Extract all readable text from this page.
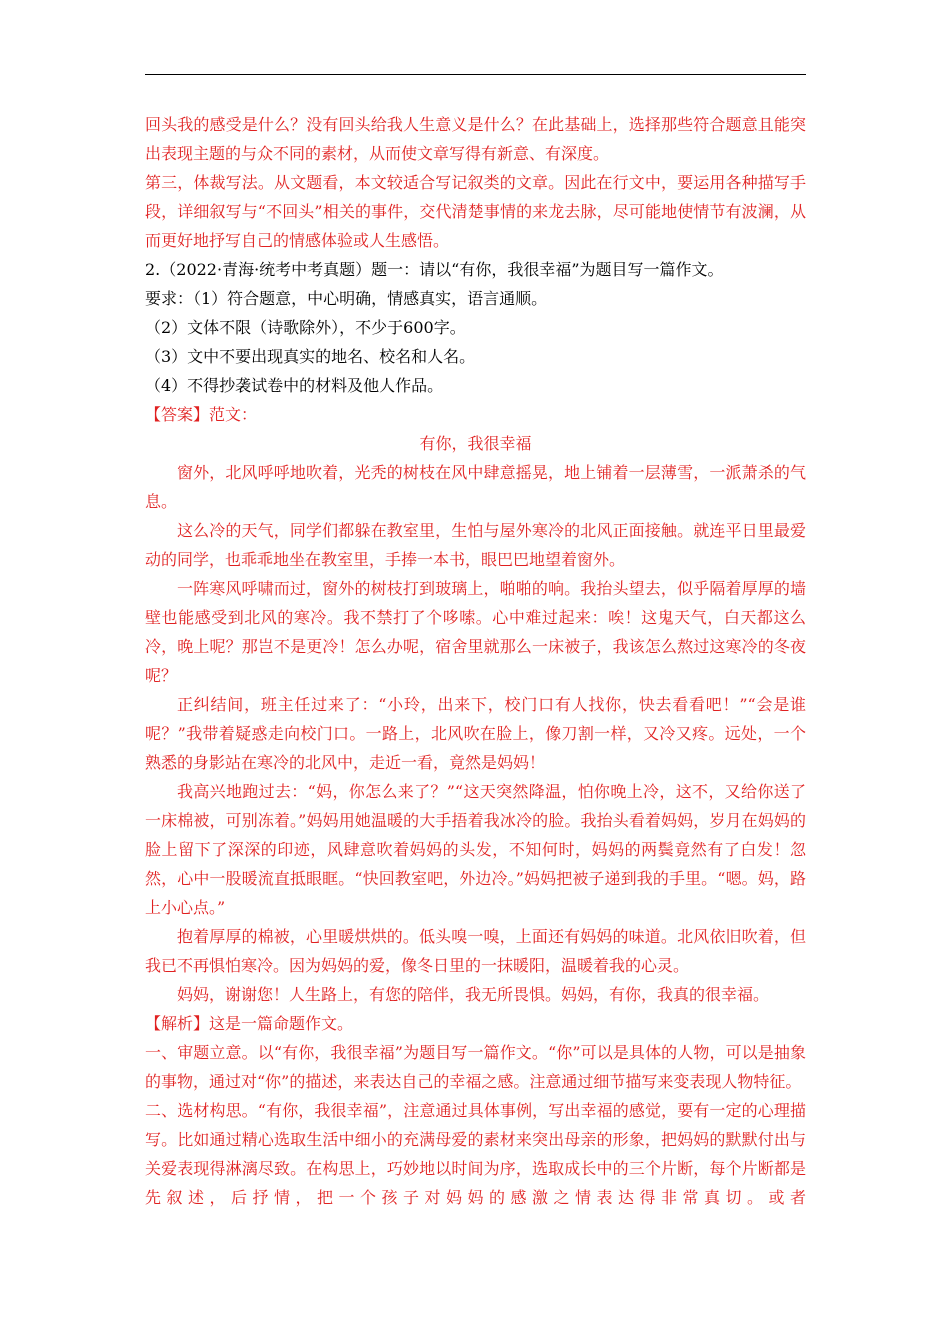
回头我的感受是什么？没有回头给我人生意义是什么？在此基础上，选择那些符合题意且能突出表现主题的与众不同的素材，从而使文章写得有新意、有深度。

第三，体裁写法。从文题看，本文较适合写记叙类的文章。因此在行文中，要运用各种描写手段，详细叙写与“不回头”相关的事件，交代清楚事情的来龙去脉，尽可能地使情节有波澜，从而更好地抒写自己的情感体验或人生感悟。

2.（2022·青海·统考中考真题）题一：请以“有你，我很幸福”为题目写一篇作文。

要求：（1）符合题意，中心明确，情感真实，语言通顺。

（2）文体不限（诗歌除外），不少于600字。

（3）文中不要出现真实的地名、校名和人名。

（4）不得抄袭试卷中的材料及他人作品。

【答案】范文：

有你，我很幸福

窗外，北风呼呼地吹着，光秃的树枝在风中肆意摇晃，地上铺着一层薄雪，一派萧杀的气息。

这么冷的天气，同学们都躲在教室里，生怕与屋外寒冷的北风正面接触。就连平日里最爱动的同学，也乖乖地坐在教室里，手捧一本书，眼巴巴地望着窗外。

一阵寒风呼啸而过，窗外的树枝打到玻璃上，啪啪的响。我抬头望去，似乎隔着厚厚的墙壁也能感受到北风的寒冷。我不禁打了个哆嗦。心中难过起来：唉！这鬼天气，白天都这么冷，晚上呢？那岂不是更冷！怎么办呢，宿舍里就那么一床被子，我该怎么熬过这寒冷的冬夜呢？

正纠结间，班主任过来了：“小玲，出来下，校门口有人找你，快去看看吧！”“会是谁呢？”我带着疑惑走向校门口。一路上，北风吹在脸上，像刀割一样，又冷又疼。远处，一个熟悉的身影站在寒冷的北风中，走近一看，竟然是妈妈！

我高兴地跑过去：“妈，你怎么来了？”“这天突然降温，怕你晚上冷，这不，又给你送了一床棉被，可别冻着。”妈妈用她温暖的大手捂着我冰冷的脸。我抬头看着妈妈，岁月在妈妈的脸上留下了深深的印迹，风肆意吹着妈妈的头发，不知何时，妈妈的两鬓竟然有了白发！忽然，心中一股暖流直抵眼眶。“快回教室吧，外边冷。”妈妈把被子递到我的手里。“嗯。妈，路上小心点。”

抱着厚厚的棉被，心里暖烘烘的。低头嗅一嗅，上面还有妈妈的味道。北风依旧吹着，但我已不再惧怕寒冷。因为妈妈的爱，像冬日里的一抹暖阳，温暖着我的心灵。

妈妈，谢谢您！人生路上，有您的陪伴，我无所畏惧。妈妈，有你，我真的很幸福。

【解析】这是一篇命题作文。

一、审题立意。以“有你，我很幸福”为题目写一篇作文。“你”可以是具体的人物，可以是抽象的事物，通过对“你”的描述，来表达自己的幸福之感。注意通过细节描写来变表现人物特征。

二、选材构思。“有你，我很幸福”，注意通过具体事例，写出幸福的感觉，要有一定的心理描写。比如通过精心选取生活中细小的充满母爱的素材来突出母亲的形象，把妈妈的默默付出与关爱表现得淋漓尽致。在构思上，巧妙地以时间为序，选取成长中的三个片断，每个片断都是先叙述，后抒情，把一个孩子对妈妈的感激之情表达得非常真切。或者
